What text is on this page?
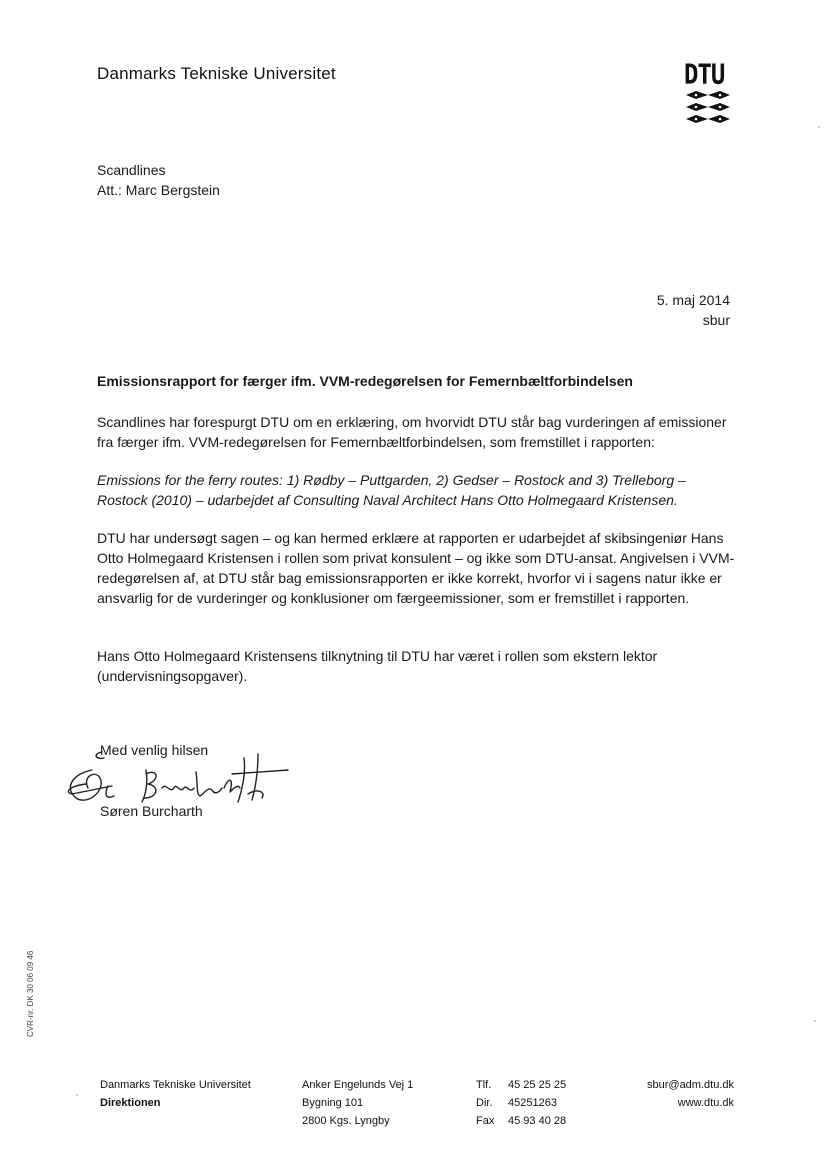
Danmarks Tekniske Universitet	DTU
Scandlines
Att.: Marc Bergstein
5. maj 2014
sbur
Emissionsrapport for færger ifm. VVM-redegørelsen for Femernbæltforbindelsen
Scandlines har forespurgt DTU om en erklæring, om hvorvidt DTU står bag vurderingen af emissioner fra færger ifm. VVM-redegørelsen for Femernbæltforbindelsen, som fremstillet i rapporten:
Emissions for the ferry routes: 1) Rødby – Puttgarden, 2) Gedser – Rostock and 3) Trelleborg – Rostock (2010) – udarbejdet af Consulting Naval Architect Hans Otto Holmegaard Kristensen.
DTU har undersøgt sagen – og kan hermed erklære at rapporten er udarbejdet af skibsingeniør Hans Otto Holmegaard Kristensen i rollen som privat konsulent – og ikke som DTU-ansat. Angivelsen i VVM-redegørelsen af, at DTU står bag emissionsrapporten er ikke korrekt, hvorfor vi i sagens natur ikke er ansvarlig for de vurderinger og konklusioner om færgeemissioner, som er fremstillet i rapporten.
Hans Otto Holmegaard Kristensens tilknytning til DTU har været i rollen som ekstern lektor (undervisningsopgaver).
Med venlig hilsen
Søren Burcharth
CVR-nr. DK 30 06 09 46
Danmarks Tekniske Universitet
Direktionen
Anker Engelunds Vej 1
Bygning 101
2800 Kgs. Lyngby
Tlf. 45 25 25 25
Dir. 45251263
Fax 45 93 40 28
sbur@adm.dtu.dk
www.dtu.dk
